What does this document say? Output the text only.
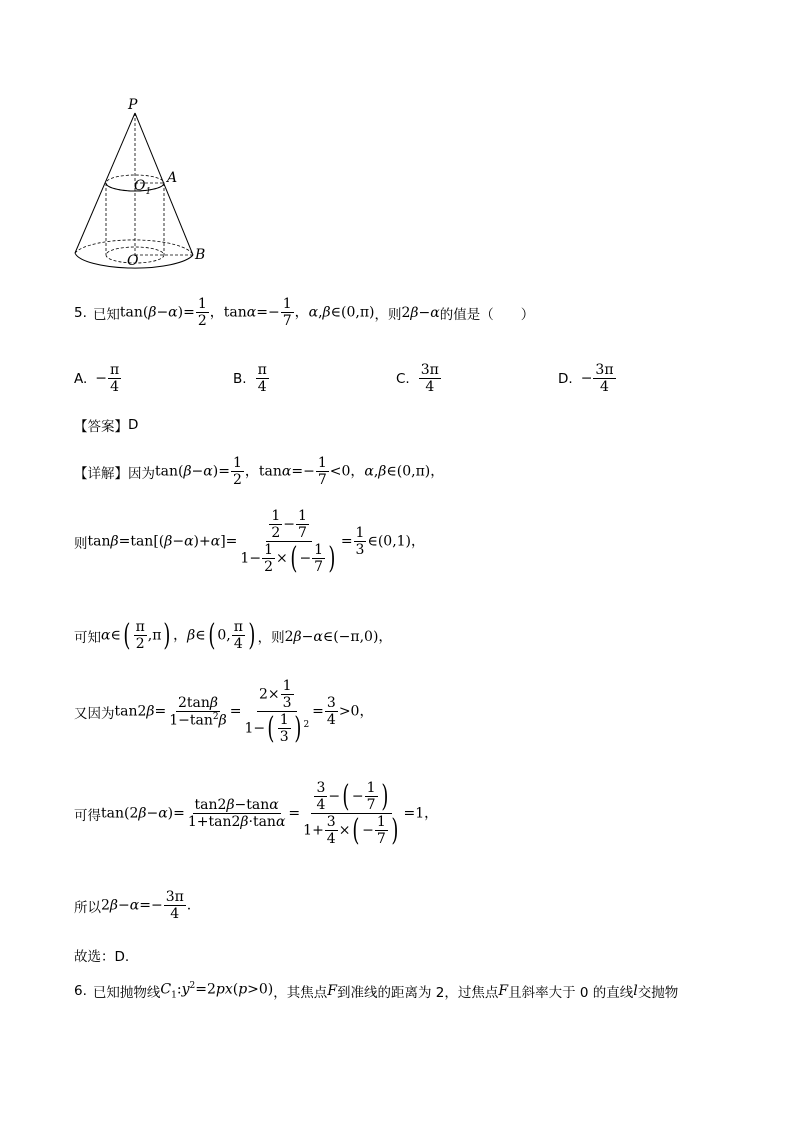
P
A
$O_1$
O	B
5. 已知 $\tan(\beta-\alpha)= \frac{1}{2}$ ，$\tan\alpha=- \frac{1}{7}$ ，α,β∈(0,π) ，则 2β−α 的值是（　　）
A. − $\frac{\pi}{4}$	B. $\frac{\pi}{4}$	C. $\frac{3\pi}{4}$	D. − $\frac{3\pi}{4}$
【答案】 D
【详解】 因为 $\tan(\beta-\alpha)= \frac{1}{2}$ ，$\tan\alpha=- \frac{1}{7} <0$，α,β∈(0,π)，
则 $\tan\beta=\tan[(\beta-\alpha)+\alpha]= \frac{\frac{1}{2} - \frac{1}{7}}{1- \frac{1}{2} \times( - \frac{1}{7} )} = \frac{1}{3}$ ∈(0,1)，
可知 α∈( $\frac{\pi}{2} ,\pi$) ，β∈( 0, $\frac{\pi}{4}$ ) ，则 2β−α∈(−π,0)，
又因为 $\tan 2\beta= \frac{2\tan\beta}{1-\tan^2\beta} = \frac{2\times \frac{1}{3}}{1-( \frac{1}{3} ) ^2} = \frac{3}{4} >0$，
可得 $\tan(2\beta-\alpha)= \frac{\tan 2\beta-\tan\alpha}{1+\tan 2\beta\cdot\tan\alpha} = \frac{\frac{3}{4} -( - \frac{1}{7} )}{1+ \frac{3}{4} \times( - \frac{1}{7} )} =1$，
所以 $2\beta-\alpha=- \frac{3\pi}{4}$ .
故选：D.
6. 已知抛物线 $C_1:y^2=2px(p>0)$ ，其焦点 F 到准线的距离为 2，过焦点 F 且斜率大于 0 的直线 l 交抛物
